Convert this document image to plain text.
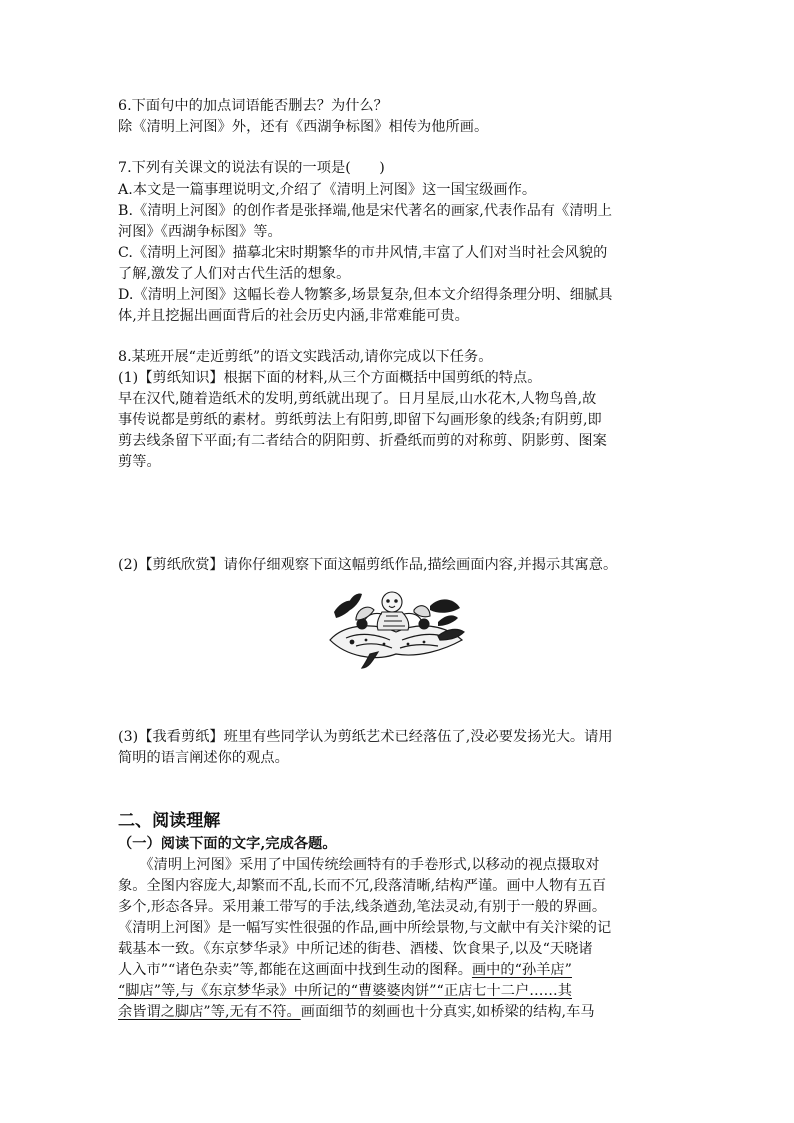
6.下面句中的加点词语能否删去？为什么？
除《清明上河图》外，还有《西湖争标图》相传为他所画。
7.下列有关课文的说法有误的一项是(　　)
A.本文是一篇事理说明文,介绍了《清明上河图》这一国宝级画作。
B.《清明上河图》的创作者是张择端,他是宋代著名的画家,代表作品有《清明上
河图》《西湖争标图》等。
C.《清明上河图》描摹北宋时期繁华的市井风情,丰富了人们对当时社会风貌的
了解,激发了人们对古代生活的想象。
D.《清明上河图》这幅长卷人物繁多,场景复杂,但本文介绍得条理分明、细腻具
体,并且挖掘出画面背后的社会历史内涵,非常难能可贵。
8.某班开展“走近剪纸”的语文实践活动,请你完成以下任务。
(1)【剪纸知识】根据下面的材料,从三个方面概括中国剪纸的特点。
早在汉代,随着造纸术的发明,剪纸就出现了。日月星辰,山水花木,人物鸟兽,故
事传说都是剪纸的素材。剪纸剪法上有阳剪,即留下勾画形象的线条;有阴剪,即
剪去线条留下平面;有二者结合的阴阳剪、折叠纸而剪的对称剪、阴影剪、图案
剪等。
(2)【剪纸欣赏】请你仔细观察下面这幅剪纸作品,描绘画面内容,并揭示其寓意。
(3)【我看剪纸】班里有些同学认为剪纸艺术已经落伍了,没必要发扬光大。请用
简明的语言阐述你的观点。
二、阅读理解
（一）阅读下面的文字,完成各题。
　　《清明上河图》采用了中国传统绘画特有的手卷形式,以移动的视点摄取对
象。全图内容庞大,却繁而不乱,长而不冗,段落清晰,结构严谨。画中人物有五百
多个,形态各异。采用兼工带写的手法,线条遒劲,笔法灵动,有别于一般的界画。
《清明上河图》是一幅写实性很强的作品,画中所绘景物,与文献中有关汴梁的记
载基本一致。《东京梦华录》中所记述的街巷、酒楼、饮食果子,以及“天晓诸
人入市”“诸色杂卖”等,都能在这画面中找到生动的图释。画中的“孙羊店”
“脚店”等,与《东京梦华录》中所记的“曹婆婆肉饼”“正店七十二户……其
余皆谓之脚店”等,无有不符。画面细节的刻画也十分真实,如桥梁的结构,车马
